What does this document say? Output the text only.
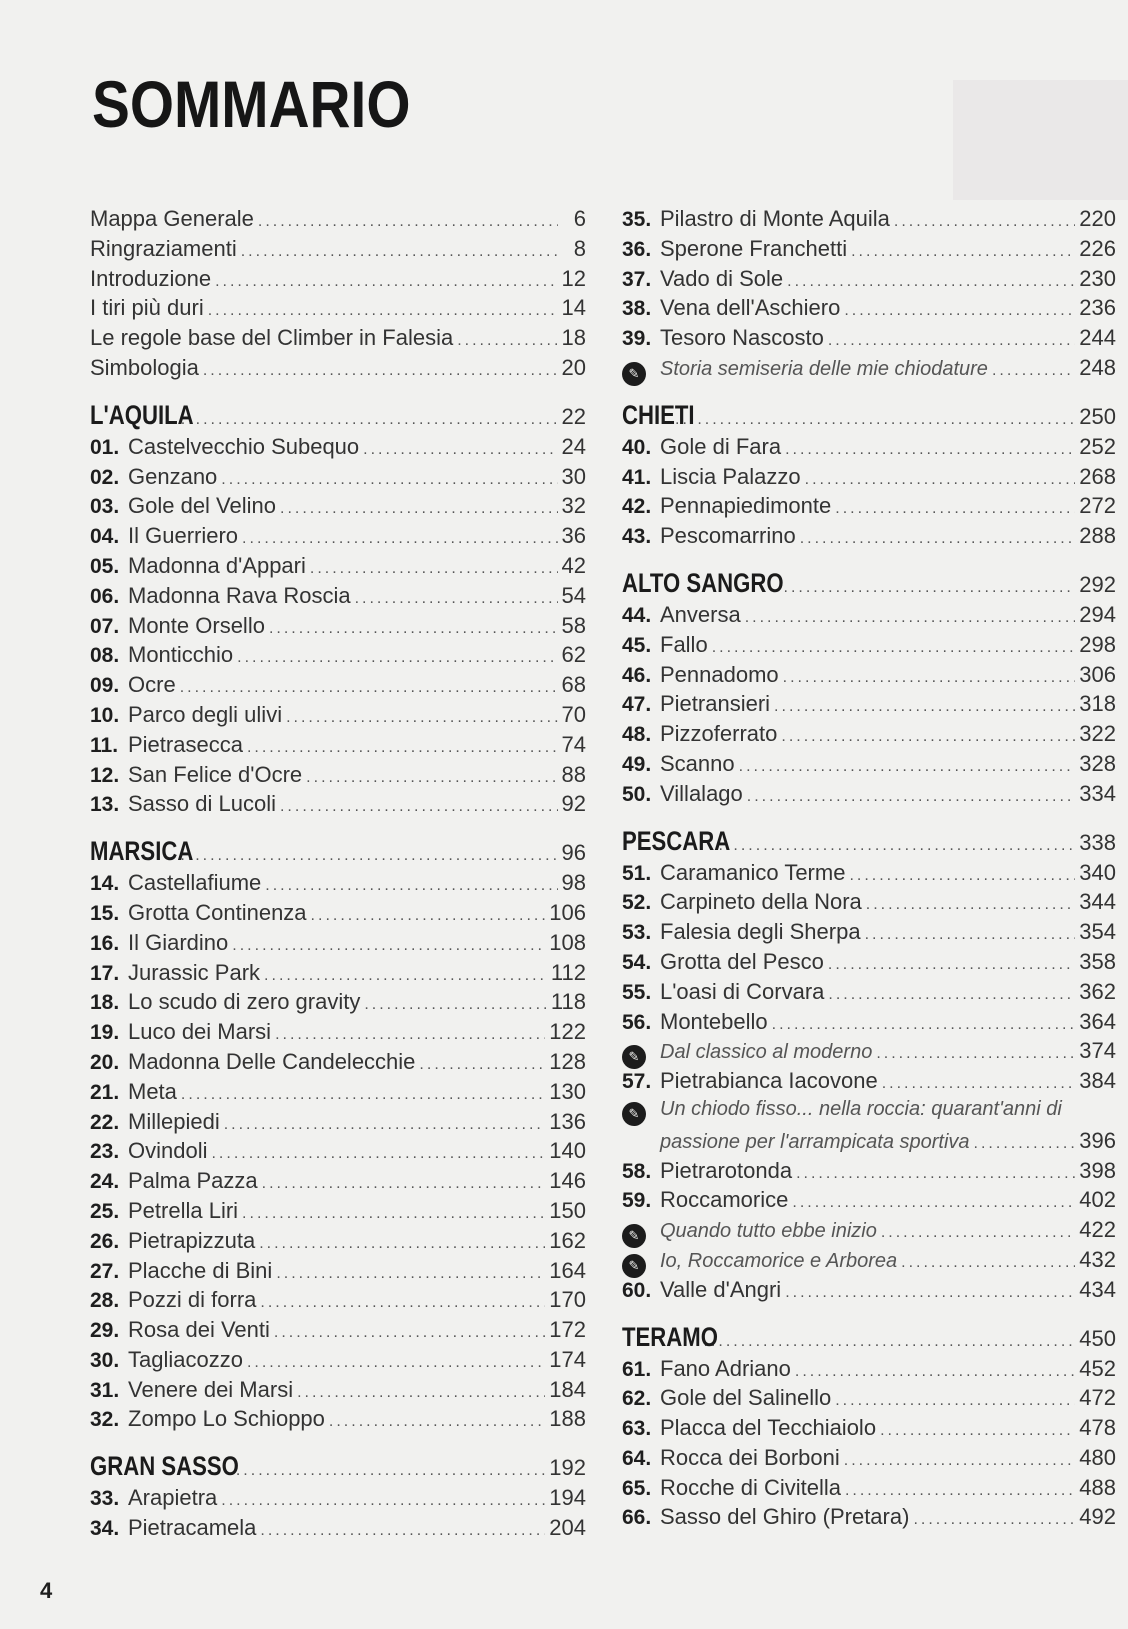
SOMMARIO
Mappa Generale .....	6
Ringraziamenti .....	8
Introduzione .....	12
I tiri più duri .....	14
Le regole base del Climber in Falesia .....	18
Simbologia .....	20
L'AQUILA .....	22
01. Castelvecchio Subequo .....	24
02. Genzano .....	30
03. Gole del Velino .....	32
04. Il Guerriero .....	36
05. Madonna d'Appari .....	42
06. Madonna Rava Roscia .....	54
07. Monte Orsello .....	58
08. Monticchio .....	62
09. Ocre .....	68
10. Parco degli ulivi .....	70
11. Pietrasecca .....	74
12. San Felice d'Ocre .....	88
13. Sasso di Lucoli .....	92
MARSICA .....	96
14. Castellafiume .....	98
15. Grotta Continenza .....	106
16. Il Giardino .....	108
17. Jurassic Park .....	112
18. Lo scudo di zero gravity .....	118
19. Luco dei Marsi .....	122
20. Madonna Delle Candelecchie .....	128
21. Meta .....	130
22. Millepiedi .....	136
23. Ovindoli .....	140
24. Palma Pazza .....	146
25. Petrella Liri .....	150
26. Pietrapizzuta .....	162
27. Placche di Bini .....	164
28. Pozzi di forra .....	170
29. Rosa dei Venti .....	172
30. Tagliacozzo .....	174
31. Venere dei Marsi .....	184
32. Zompo Lo Schioppo .....	188
GRAN SASSO .....	192
33. Arapietra .....	194
34. Pietracamela .....	204
35. Pilastro di Monte Aquila .....	220
36. Sperone Franchetti .....	226
37. Vado di Sole .....	230
38. Vena dell'Aschiero .....	236
39. Tesoro Nascosto .....	244
✎	Storia semiseria delle mie chiodature .....	248
CHIETI .....	250
40. Gole di Fara .....	252
41. Liscia Palazzo .....	268
42. Pennapiedimonte .....	272
43. Pescomarrino .....	288
ALTO SANGRO .....	292
44. Anversa .....	294
45. Fallo .....	298
46. Pennadomo .....	306
47. Pietransieri .....	318
48. Pizzoferrato .....	322
49. Scanno .....	328
50. Villalago .....	334
PESCARA .....	338
51. Caramanico Terme .....	340
52. Carpineto della Nora .....	344
53. Falesia degli Sherpa .....	354
54. Grotta del Pesco .....	358
55. L'oasi di Corvara .....	362
56. Montebello .....	364
✎	Dal classico al moderno .....	374
57. Pietrabianca Iacovone .....	384
✎	Un chiodo fisso... nella roccia: quarant'anni di
passione per l'arrampicata sportiva .....	396
58. Pietrarotonda .....	398
59. Roccamorice .....	402
✎	Quando tutto ebbe inizio .....	422
✎	Io, Roccamorice e Arborea .....	432
60. Valle d'Angri .....	434
TERAMO .....	450
61. Fano Adriano .....	452
62. Gole del Salinello .....	472
63. Placca del Tecchiaiolo .....	478
64. Rocca dei Borboni .....	480
65. Rocche di Civitella .....	488
66. Sasso del Ghiro (Pretara) .....	492
4
